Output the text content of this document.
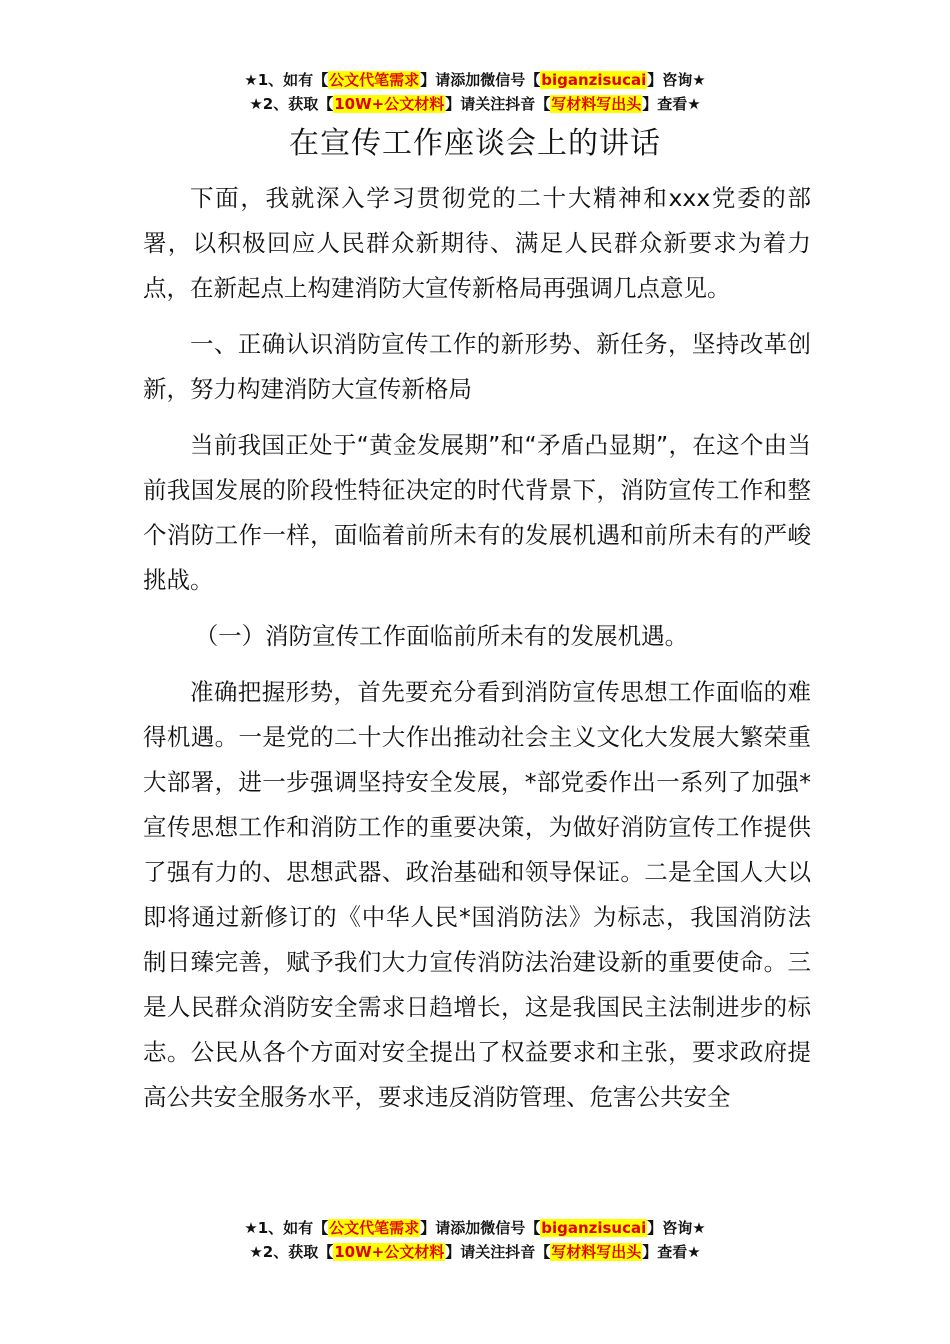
★1、如有【公文代笔需求】请添加微信号【biganzisucai】咨询★
★2、获取【10W+公文材料】请关注抖音【写材料写出头】查看★
在宣传工作座谈会上的讲话

下面，我就深入学习贯彻党的二十大精神和xxx党委的部署，以积极回应人民群众新期待、满足人民群众新要求为着力点，在新起点上构建消防大宣传新格局再强调几点意见。

一、正确认识消防宣传工作的新形势、新任务，坚持改革创新，努力构建消防大宣传新格局

当前我国正处于“黄金发展期”和“矛盾凸显期”，在这个由当前我国发展的阶段性特征决定的时代背景下，消防宣传工作和整个消防工作一样，面临着前所未有的发展机遇和前所未有的严峻挑战。

（一）消防宣传工作面临前所未有的发展机遇。

准确把握形势，首先要充分看到消防宣传思想工作面临的难得机遇。一是党的二十大作出推动社会主义文化大发展大繁荣重大部署，进一步强调坚持安全发展，*部党委作出一系列了加强*宣传思想工作和消防工作的重要决策，为做好消防宣传工作提供了强有力的、思想武器、政治基础和领导保证。二是全国人大以即将通过新修订的《中华人民*国消防法》为标志，我国消防法制日臻完善，赋予我们大力宣传消防法治建设新的重要使命。三是人民群众消防安全需求日趋增长，这是我国民主法制进步的标志。公民从各个方面对安全提出了权益要求和主张，要求政府提高公共安全服务水平，要求违反消防管理、危害公共安全

★1、如有【公文代笔需求】请添加微信号【biganzisucai】咨询★
★2、获取【10W+公文材料】请关注抖音【写材料写出头】查看★
